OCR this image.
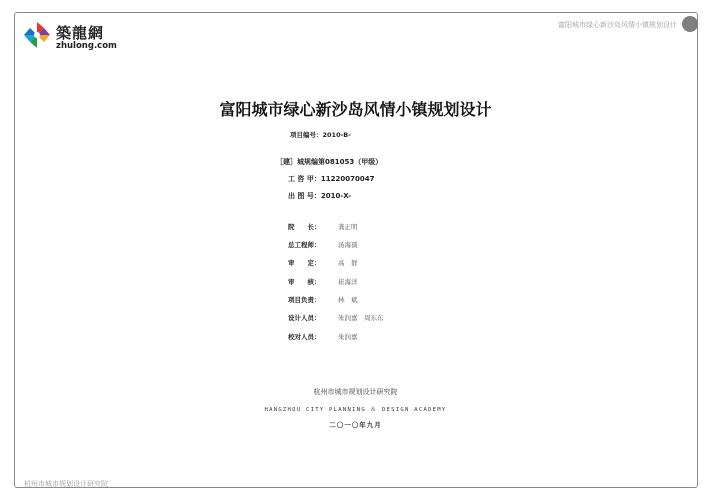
築龍網
zhulong.com
富阳城市绿心新沙岛风情小镇规划设计
富阳城市绿心新沙岛风情小镇规划设计
项目编号：2010-B-
［建］城规编第081053（甲级）
工 咨 甲：11220070047
出 图 号：2010-X-
院　　长：	龚正明
总工程师：	汤海孺
审　　定：	高　群
审　　核：	崔海洋
项目负责：	林　斌
设计人员：	朱润嘉　周东东
校对人员：	朱润嘉
杭州市城市规划设计研究院
HANGZHOU CITY PLANNING ＆ DESIGN ACADEMY
二〇一〇年九月
杭州市城市规划设计研究院
